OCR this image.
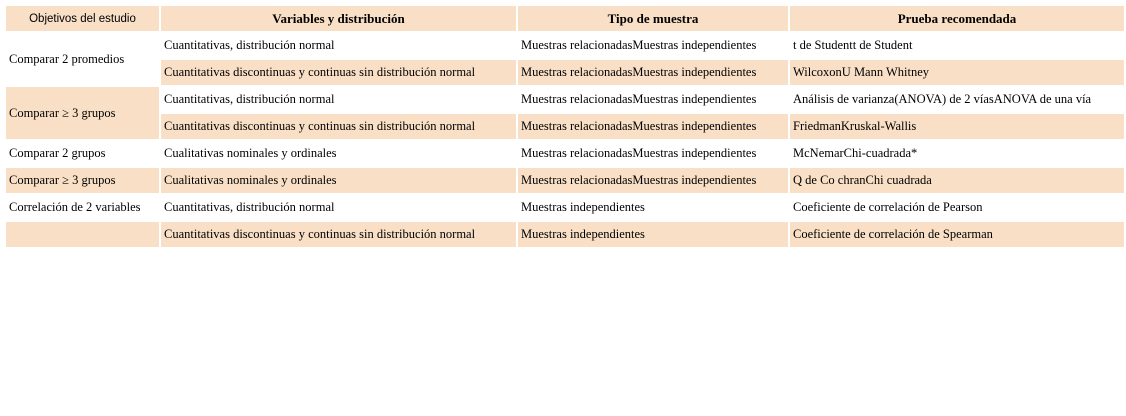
Objetivos del estudio	Variables y distribución	Tipo de muestra	Prueba recomendada
Comparar 2 promedios	Cuantitativas, distribución normal	Muestras relacionadasMuestras independientes	t de Studentt de Student
	Cuantitativas discontinuas y continuas sin distribución normal	Muestras relacionadasMuestras independientes	WilcoxonU Mann Whitney
Comparar ≥ 3 grupos	Cuantitativas, distribución normal	Muestras relacionadasMuestras independientes	Análisis de varianza(ANOVA) de 2 víasANOVA de una vía
	Cuantitativas discontinuas y continuas sin distribución normal	Muestras relacionadasMuestras independientes	FriedmanKruskal-Wallis
Comparar 2 grupos	Cualitativas nominales y ordinales	Muestras relacionadasMuestras independientes	McNemarChi-cuadrada*
Comparar ≥ 3 grupos	Cualitativas nominales y ordinales	Muestras relacionadasMuestras independientes	Q de Co chranChi cuadrada
Correlación de 2 variables	Cuantitativas, distribución normal	Muestras independientes	Coeficiente de correlación de Pearson
	Cuantitativas discontinuas y continuas sin distribución normal	Muestras independientes	Coeficiente de correlación de Spearman
